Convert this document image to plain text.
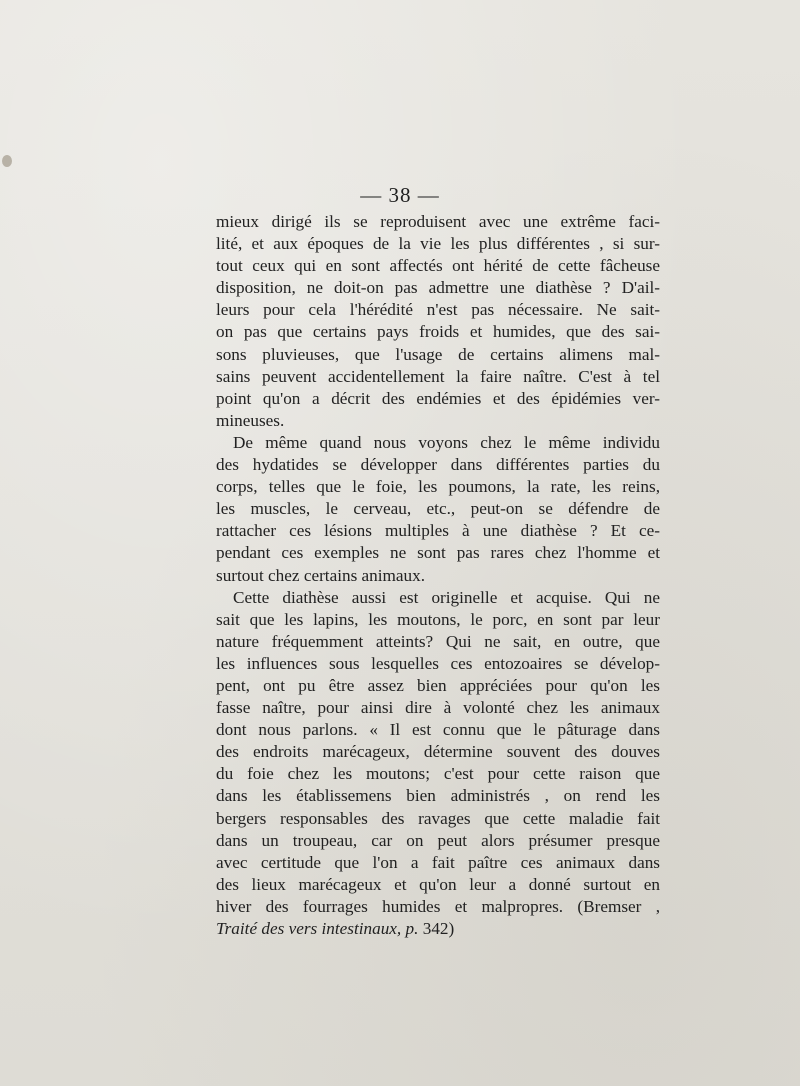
— 38 —
mieux dirigé ils se reproduisent avec une extrême faci-
lité, et aux époques de la vie les plus différentes , si sur-
tout ceux qui en sont affectés ont hérité de cette fâcheuse
disposition, ne doit-on pas admettre une diathèse ? D'ail-
leurs pour cela l'hérédité n'est pas nécessaire. Ne sait-
on pas que certains pays froids et humides, que des sai-
sons pluvieuses, que l'usage de certains alimens mal-
sains peuvent accidentellement la faire naître. C'est à tel
point qu'on a décrit des endémies et des épidémies ver-
mineuses.
De même quand nous voyons chez le même individu
des hydatides se développer dans différentes parties du
corps, telles que le foie, les poumons, la rate, les reins,
les muscles, le cerveau, etc., peut-on se défendre de
rattacher ces lésions multiples à une diathèse ? Et ce-
pendant ces exemples ne sont pas rares chez l'homme et
surtout chez certains animaux.
Cette diathèse aussi est originelle et acquise. Qui ne
sait que les lapins, les moutons, le porc, en sont par leur
nature fréquemment atteints? Qui ne sait, en outre, que
les influences sous lesquelles ces entozoaires se dévelop-
pent, ont pu être assez bien appréciées pour qu'on les
fasse naître, pour ainsi dire à volonté chez les animaux
dont nous parlons. « Il est connu que le pâturage dans
des endroits marécageux, détermine souvent des douves
du foie chez les moutons; c'est pour cette raison que
dans les établissemens bien administrés , on rend les
bergers responsables des ravages que cette maladie fait
dans un troupeau, car on peut alors présumer presque
avec certitude que l'on a fait paître ces animaux dans
des lieux marécageux et qu'on leur a donné surtout en
hiver des fourrages humides et malpropres. (Bremser ,
Traité des vers intestinaux, p. 342)
